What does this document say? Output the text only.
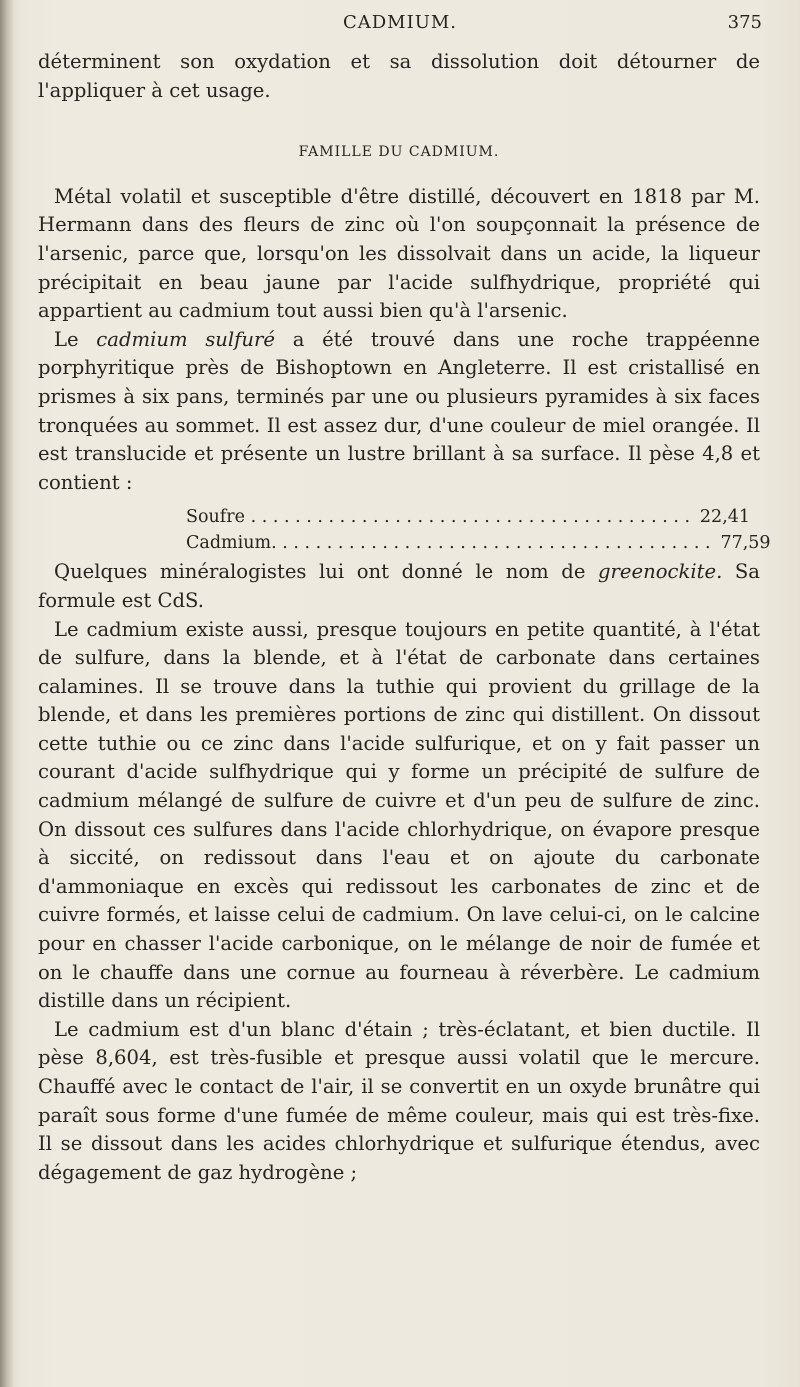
CADMIUM.	375

déterminent son oxydation et sa dissolution doit détourner de l'appliquer à cet usage.

FAMILLE DU CADMIUM.

Métal volatil et susceptible d'être distillé, découvert en 1818 par M. Hermann dans des fleurs de zinc où l'on soupçonnait la présence de l'arsenic, parce que, lorsqu'on les dissolvait dans un acide, la liqueur précipitait en beau jaune par l'acide sulfhydrique, propriété qui appartient au cadmium tout aussi bien qu'à l'arsenic.

Le cadmium sulfuré a été trouvé dans une roche trappéenne porphyritique près de Bishoptown en Angleterre. Il est cristallisé en prismes à six pans, terminés par une ou plusieurs pyramides à six faces tronquées au sommet. Il est assez dur, d'une couleur de miel orangée. Il est translucide et présente un lustre brillant à sa surface. Il pèse 4,8 et contient :

Soufre . . . . . . . . . . . . . . . . . . . . . . . . . . . . . . . . . . . . . . . . 22,41
Cadmium . . . . . . . . . . . . . . . . . . . . . . . . . . . . . . . . . . . . . . . . 77,59

Quelques minéralogistes lui ont donné le nom de greenockite. Sa formule est CdS.

Le cadmium existe aussi, presque toujours en petite quantité, à l'état de sulfure, dans la blende, et à l'état de carbonate dans certaines calamines. Il se trouve dans la tuthie qui provient du grillage de la blende, et dans les premières portions de zinc qui distillent. On dissout cette tuthie ou ce zinc dans l'acide sulfurique, et on y fait passer un courant d'acide sulfhydrique qui y forme un précipité de sulfure de cadmium mélangé de sulfure de cuivre et d'un peu de sulfure de zinc. On dissout ces sulfures dans l'acide chlorhydrique, on évapore presque à siccité, on redissout dans l'eau et on ajoute du carbonate d'ammoniaque en excès qui redissout les carbonates de zinc et de cuivre formés, et laisse celui de cadmium. On lave celui-ci, on le calcine pour en chasser l'acide carbonique, on le mélange de noir de fumée et on le chauffe dans une cornue au fourneau à réverbère. Le cadmium distille dans un récipient.

Le cadmium est d'un blanc d'étain ; très-éclatant, et bien ductile. Il pèse 8,604, est très-fusible et presque aussi volatil que le mercure. Chauffé avec le contact de l'air, il se convertit en un oxyde brunâtre qui paraît sous forme d'une fumée de même couleur, mais qui est très-fixe. Il se dissout dans les acides chlorhydrique et sulfurique étendus, avec dégagement de gaz hydrogène ;
